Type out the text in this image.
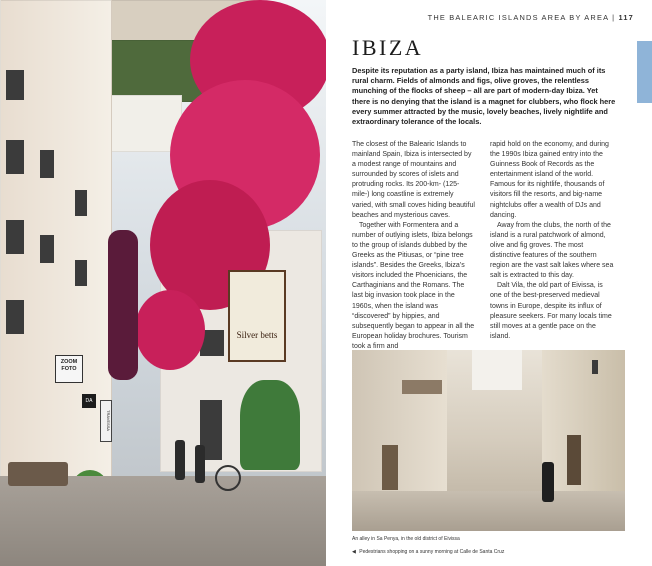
ZOOM FOTO
Silver betts
TRAVESSA
DA
THE BALEARIC ISLANDS AREA BY AREA | 117
IBIZA
Despite its reputation as a party island, Ibiza has maintained much of its rural charm. Fields of almonds and figs, olive groves, the relentless munching of the flocks of sheep – all are part of modern-day Ibiza. Yet there is no denying that the island is a magnet for clubbers, who flock here every summer attracted by the music, lovely beaches, lively nightlife and extraordinary tolerance of the locals.

The closest of the Balearic Islands to mainland Spain, Ibiza is intersected by a modest range of mountains and surrounded by scores of islets and protruding rocks. Its 200-km- (125-mile-) long coastline is extremely varied, with small coves hiding beautiful beaches and mysterious caves.

Together with Formentera and a number of outlying islets, Ibiza belongs to the group of islands dubbed by the Greeks as the Pitiusas, or “pine tree islands”. Besides the Greeks, Ibiza’s visitors included the Phoenicians, the Carthaginians and the Romans. The last big invasion took place in the 1960s, when the island was “discovered” by hippies, and subsequently began to appear in all the European holiday brochures. Tourism took a firm and

rapid hold on the economy, and during the 1990s Ibiza gained entry into the Guinness Book of Records as the entertainment island of the world. Famous for its nightlife, thousands of visitors fill the resorts, and big-name nightclubs offer a wealth of DJs and dancing.

Away from the clubs, the north of the island is a rural patchwork of almond, olive and fig groves. The most distinctive features of the southern region are the vast salt lakes where sea salt is extracted to this day.

Dalt Vila, the old part of Eivissa, is one of the best-preserved medieval towns in Europe, despite its influx of pleasure seekers. For many locals time still moves at a gentle pace on the island.

An alley in Sa Penya, in the old district of Eivissa
◀ Pedestrians shopping on a sunny morning at Calle de Santa Cruz
